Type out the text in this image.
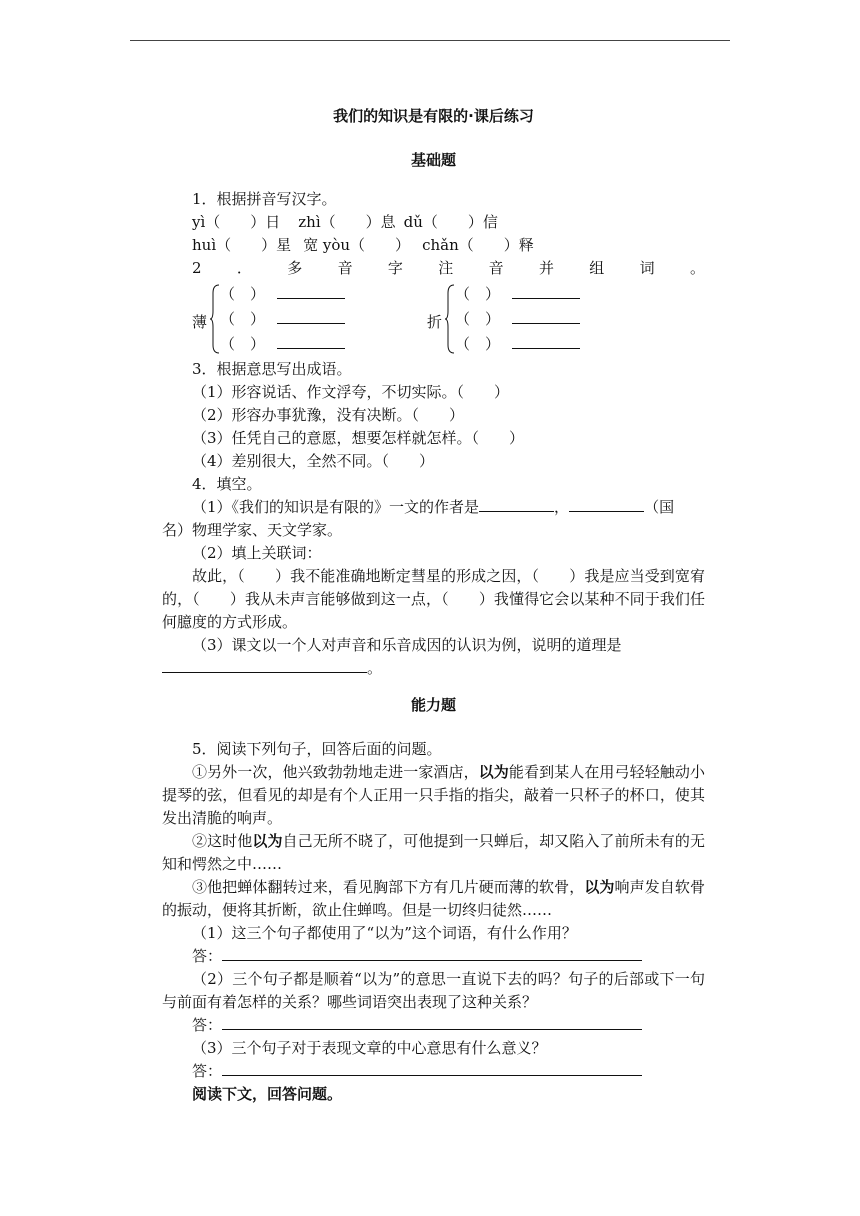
我们的知识是有限的·课后练习
基础题
1．根据拼音写汉字。
yì（　　）日 zhì（　　）息 dǔ（　　）信
huì（　　）星 宽 yòu（　　） chǎn（　　）释
2 ． 多 音 字 注 音 并 组 词 。
薄
（　）
（　）
（　）
折
（　）
（　）
（　）
3．根据意思写出成语。
（1）形容说话、作文浮夸，不切实际。（　　）
（2）形容办事犹豫，没有决断。（　　）
（3）任凭自己的意愿，想要怎样就怎样。（　　）
（4）差别很大，全然不同。（　　）
4．填空。
（1）《我们的知识是有限的》一文的作者是	，	（国
名）物理学家、天文学家。
（2）填上关联词：
故此，（　　）我不能准确地断定彗星的形成之因，（　　）我是应当受到宽宥的，（　　）我从未声言能够做到这一点，（　　）我懂得它会以某种不同于我们任何臆度的方式形成。
（3）课文以一个人对声音和乐音成因的认识为例，说明的道理是
。
能力题
5．阅读下列句子，回答后面的问题。
①另外一次，他兴致勃勃地走进一家酒店，以为能看到某人在用弓轻轻触动小提琴的弦，但看见的却是有个人正用一只手指的指尖，敲着一只杯子的杯口，使其发出清脆的响声。
②这时他以为自己无所不晓了，可他提到一只蝉后，却又陷入了前所未有的无知和愕然之中……
③他把蝉体翻转过来，看见胸部下方有几片硬而薄的软骨，以为响声发自软骨的振动，便将其折断，欲止住蝉鸣。但是一切终归徒然……
（1）这三个句子都使用了“以为”这个词语，有什么作用？
答：
（2）三个句子都是顺着“以为”的意思一直说下去的吗？句子的后部或下一句与前面有着怎样的关系？哪些词语突出表现了这种关系？
答：
（3）三个句子对于表现文章的中心意思有什么意义？
答：
阅读下文，回答问题。
